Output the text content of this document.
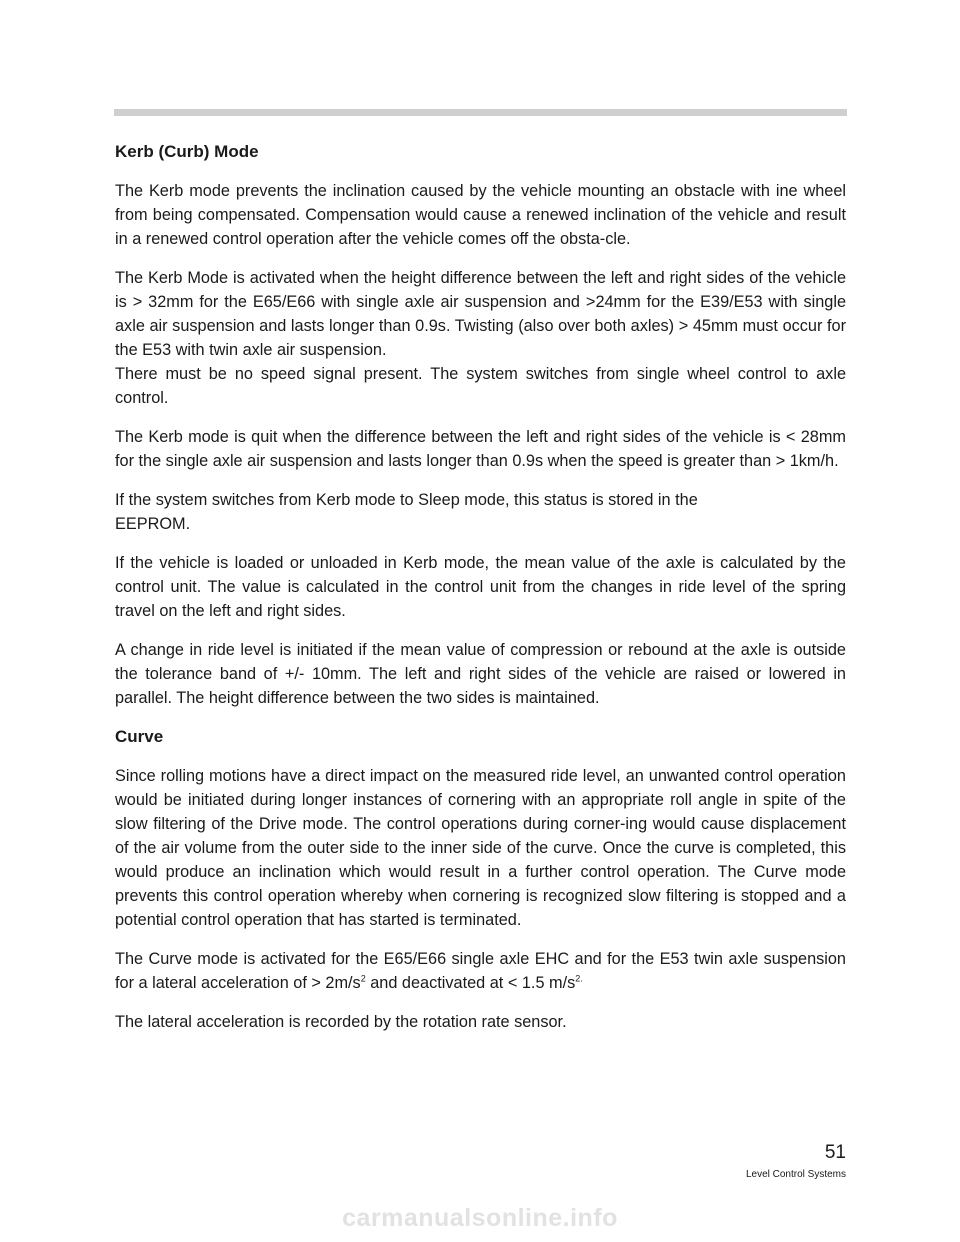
Kerb (Curb) Mode

The Kerb mode prevents the inclination caused by the vehicle mounting an obstacle with ine wheel from being compensated. Compensation would cause a renewed inclination of the vehicle and result in a renewed control operation after the vehicle comes off the obsta-cle.

The Kerb Mode is activated when the height difference between the left and right sides of the vehicle is > 32mm for the E65/E66 with single axle air suspension and >24mm for the E39/E53 with single axle air suspension and lasts longer than 0.9s. Twisting (also over both axles) > 45mm must occur for the E53 with twin axle air suspension.

There must be no speed signal present. The system switches from single wheel control to axle control.

The Kerb mode is quit when the difference between the left and right sides of the vehicle is < 28mm for the single axle air suspension and lasts longer than 0.9s when the speed is greater than > 1km/h.

If the system switches from Kerb mode to Sleep mode, this status is stored in the
EEPROM.

If the vehicle is loaded or unloaded in Kerb mode, the mean value of the axle is calculated by the control unit. The value is calculated in the control unit from the changes in ride level of the spring travel on the left and right sides.

A change in ride level is initiated if the mean value of compression or rebound at the axle is outside the tolerance band of +/- 10mm. The left and right sides of the vehicle are raised or lowered in parallel. The height difference between the two sides is maintained.

Curve

Since rolling motions have a direct impact on the measured ride level, an unwanted control operation would be initiated during longer instances of cornering with an appropriate roll angle in spite of the slow filtering of the Drive mode. The control operations during corner-ing would cause displacement of the air volume from the outer side to the inner side of the curve. Once the curve is completed, this would produce an inclination which would result in a further control operation. The Curve mode prevents this control operation whereby when cornering is recognized slow filtering is stopped and a potential control operation that has started is terminated.

The Curve mode is activated for the E65/E66 single axle EHC and for the E53 twin axle suspension for a lateral acceleration of > $2m/s^2$ and deactivated at < 1.5 $m/s^{2.}$

The lateral acceleration is recorded by the rotation rate sensor.

51
Level Control Systems
carmanualsonline.info
